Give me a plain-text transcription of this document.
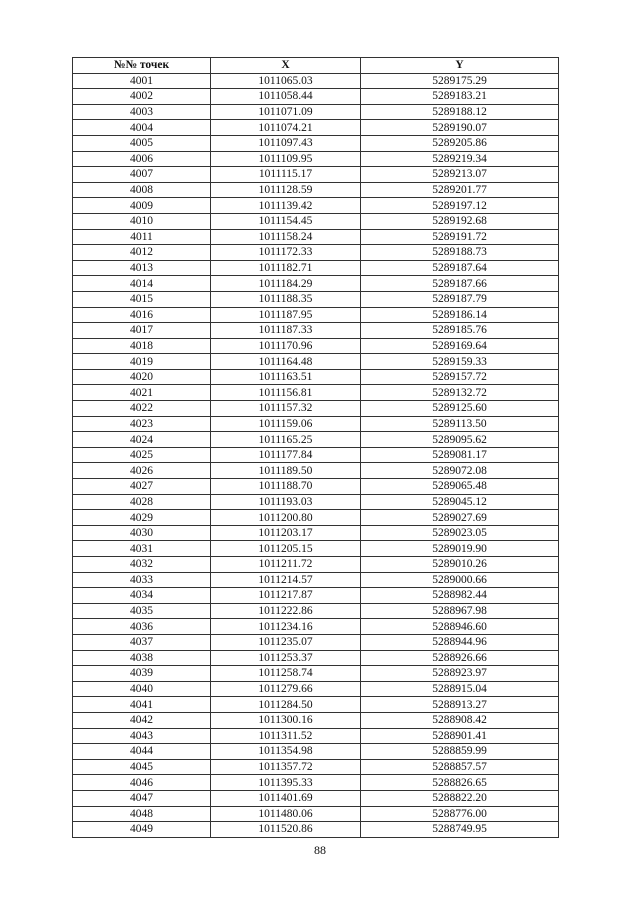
№№ точек	X	Y
4001	1011065.03	5289175.29
4002	1011058.44	5289183.21
4003	1011071.09	5289188.12
4004	1011074.21	5289190.07
4005	1011097.43	5289205.86
4006	1011109.95	5289219.34
4007	1011115.17	5289213.07
4008	1011128.59	5289201.77
4009	1011139.42	5289197.12
4010	1011154.45	5289192.68
4011	1011158.24	5289191.72
4012	1011172.33	5289188.73
4013	1011182.71	5289187.64
4014	1011184.29	5289187.66
4015	1011188.35	5289187.79
4016	1011187.95	5289186.14
4017	1011187.33	5289185.76
4018	1011170.96	5289169.64
4019	1011164.48	5289159.33
4020	1011163.51	5289157.72
4021	1011156.81	5289132.72
4022	1011157.32	5289125.60
4023	1011159.06	5289113.50
4024	1011165.25	5289095.62
4025	1011177.84	5289081.17
4026	1011189.50	5289072.08
4027	1011188.70	5289065.48
4028	1011193.03	5289045.12
4029	1011200.80	5289027.69
4030	1011203.17	5289023.05
4031	1011205.15	5289019.90
4032	1011211.72	5289010.26
4033	1011214.57	5289000.66
4034	1011217.87	5288982.44
4035	1011222.86	5288967.98
4036	1011234.16	5288946.60
4037	1011235.07	5288944.96
4038	1011253.37	5288926.66
4039	1011258.74	5288923.97
4040	1011279.66	5288915.04
4041	1011284.50	5288913.27
4042	1011300.16	5288908.42
4043	1011311.52	5288901.41
4044	1011354.98	5288859.99
4045	1011357.72	5288857.57
4046	1011395.33	5288826.65
4047	1011401.69	5288822.20
4048	1011480.06	5288776.00
4049	1011520.86	5288749.95
88
